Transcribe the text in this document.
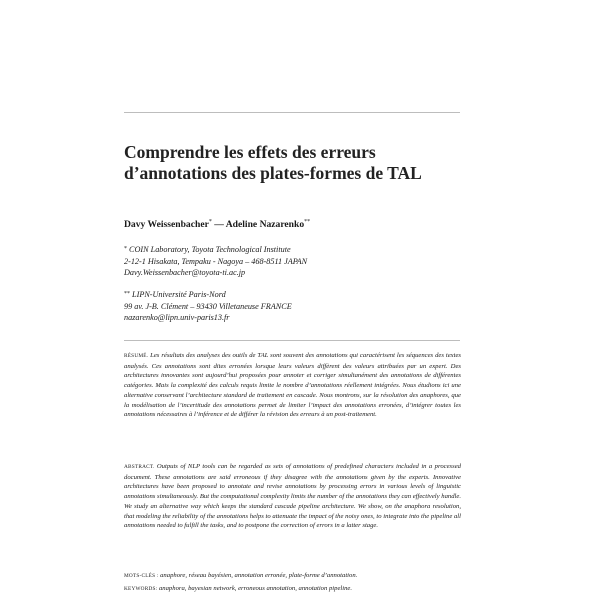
Comprendre les effets des erreurs
d’annotations des plates-formes de TAL
Davy Weissenbacher* — Adeline Nazarenko**
* COIN Laboratory, Toyota Technological Institute
2-12-1 Hisakata, Tempaku - Nagoya – 468-8511 JAPAN
Davy.Weissenbacher@toyota-ti.ac.jp
** LIPN-Université Paris-Nord
99 av. J-B. Clément – 93430 Villetaneuse FRANCE
nazarenko@lipn.univ-paris13.fr

RÉSUMÉ. Les résultats des analyses des outils de TAL sont souvent des annotations qui caractérisent les séquences des textes analysés. Ces annotations sont dites erronées lorsque leurs valeurs diffèrent des valeurs attribuées par un expert. Des architectures innovantes sont aujourd’hui proposées pour annoter et corriger simultanément des annotations de différentes catégories. Mais la complexité des calculs requis limite le nombre d’annotations réellement intégrées. Nous étudions ici une alternative conservant l’architecture standard de traitement en cascade. Nous montrons, sur la résolution des anaphores, que la modélisation de l’incertitude des annotations permet de limiter l’impact des annotations erronées, d’intégrer toutes les annotations nécessaires à l’inférence et de différer la révision des erreurs à un post-traitement.

ABSTRACT. Outputs of NLP tools can be regarded as sets of annotations of predefined characters included in a processed document. These annotations are said erroneous if they disagree with the annotations given by the experts. Innovative architectures have been proposed to annotate and revise annotations by processing errors in various levels of linguistic annotations simultaneously. But the computational complexity limits the number of the annotations they can effectively handle. We study an alternative way which keeps the standard cascade pipeline architecture. We show, on the anaphora resolution, that modeling the reliability of the annotations helps to attenuate the impact of the noisy ones, to integrate into the pipeline all annotations needed to fulfill the tasks, and to postpone the correction of errors in a latter stage.

MOTS-CLÉS : anaphore, réseau bayésien, annotation erronée, plate-forme d’annotation.

KEYWORDS: anaphora, bayesian network, erroneous annotation, annotation pipeline.
